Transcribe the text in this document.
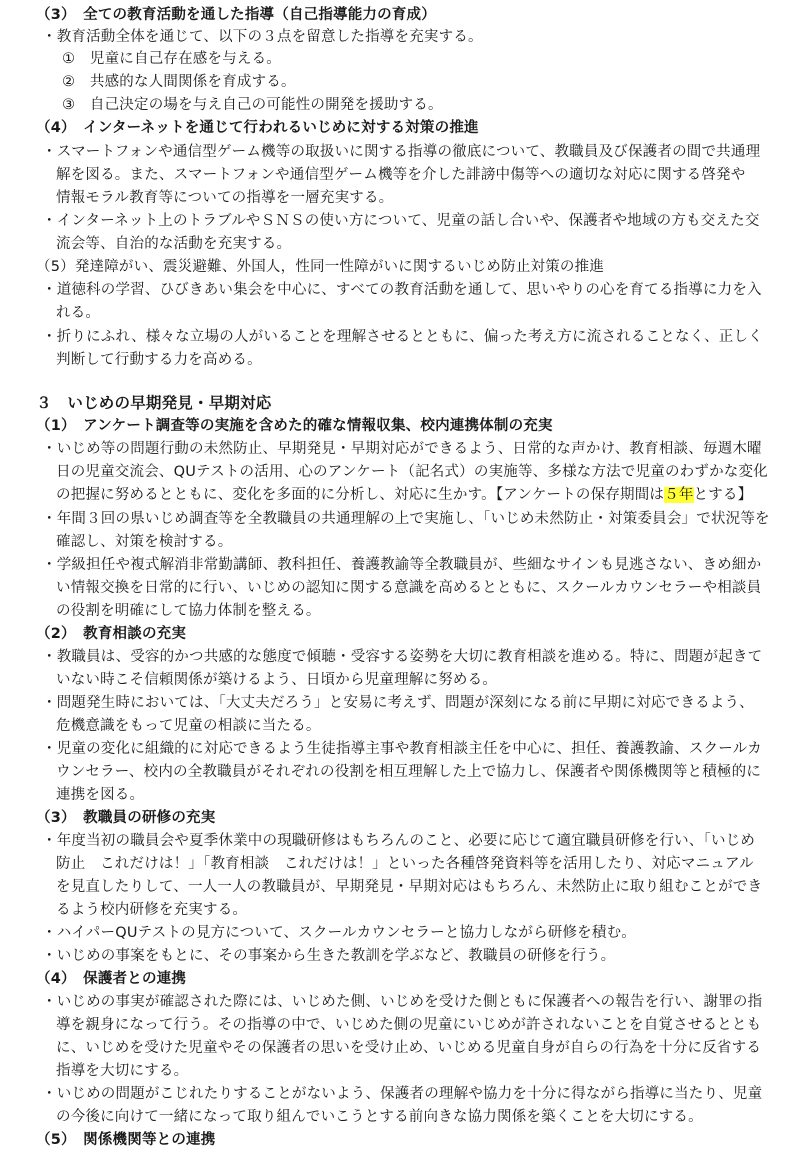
（3）　全ての教育活動を通した指導（自己指導能力の育成）
・教育活動全体を通じて、以下の３点を留意した指導を充実する。
①　児童に自己存在感を与える。
②　共感的な人間関係を育成する。
③　自己決定の場を与え自己の可能性の開発を援助する。
（4）　インターネットを通じて行われるいじめに対する対策の推進
・スマートフォンや通信型ゲーム機等の取扱いに関する指導の徹底について、教職員及び保護者の間で共通理
解を図る。また、スマートフォンや通信型ゲーム機等を介した誹謗中傷等への適切な対応に関する啓発や
情報モラル教育等についての指導を一層充実する。
・インターネット上のトラブルやＳＮＳの使い方について、児童の話し合いや、保護者や地域の方も交えた交
流会等、自治的な活動を充実する。
（5）発達障がい、震災避難、外国人，性同一性障がいに関するいじめ防止対策の推進
・道徳科の学習、ひびきあい集会を中心に、すべての教育活動を通して、思いやりの心を育てる指導に力を入
れる。
・折りにふれ、様々な立場の人がいることを理解させるとともに、偏った考え方に流されることなく、正しく
判断して行動する力を高める。
３　いじめの早期発見・早期対応
（1）　アンケート調査等の実施を含めた的確な情報収集、校内連携体制の充実
・いじめ等の問題行動の未然防止、早期発見・早期対応ができるよう、日常的な声かけ、教育相談、毎週木曜
日の児童交流会、QUテストの活用、心のアンケート（記名式）の実施等、多様な方法で児童のわずかな変化
の把握に努めるとともに、変化を多面的に分析し、対応に生かす。【アンケートの保存期間は５年とする】
・年間３回の県いじめ調査等を全教職員の共通理解の上で実施し、「いじめ未然防止・対策委員会」で状況等を
確認し、対策を検討する。
・学級担任や複式解消非常勤講師、教科担任、養護教諭等全教職員が、些細なサインも見逃さない、きめ細か
い情報交換を日常的に行い、いじめの認知に関する意識を高めるとともに、スクールカウンセラーや相談員
の役割を明確にして協力体制を整える。
（2）　教育相談の充実
・教職員は、受容的かつ共感的な態度で傾聴・受容する姿勢を大切に教育相談を進める。特に、問題が起きて
いない時こそ信頼関係が築けるよう、日頃から児童理解に努める。
・問題発生時においては、「大丈夫だろう」と安易に考えず、問題が深刻になる前に早期に対応できるよう、
危機意識をもって児童の相談に当たる。
・児童の変化に組織的に対応できるよう生徒指導主事や教育相談主任を中心に、担任、養護教諭、スクールカ
ウンセラー、校内の全教職員がそれぞれの役割を相互理解した上で協力し、保護者や関係機関等と積極的に
連携を図る。
（3）　教職員の研修の充実
・年度当初の職員会や夏季休業中の現職研修はもちろんのこと、必要に応じて適宜職員研修を行い、「いじめ
防止　これだけは！」「教育相談　これだけは！」といった各種啓発資料等を活用したり、対応マニュアル
を見直したりして、一人一人の教職員が、早期発見・早期対応はもちろん、未然防止に取り組むことができ
るよう校内研修を充実する。
・ハイパーQUテストの見方について、スクールカウンセラーと協力しながら研修を積む。
・いじめの事案をもとに、その事案から生きた教訓を学ぶなど、教職員の研修を行う。
（4）　保護者との連携
・いじめの事実が確認された際には、いじめた側、いじめを受けた側ともに保護者への報告を行い、謝罪の指
導を親身になって行う。その指導の中で、いじめた側の児童にいじめが許されないことを自覚させるととも
に、いじめを受けた児童やその保護者の思いを受け止め、いじめる児童自身が自らの行為を十分に反省する
指導を大切にする。
・いじめの問題がこじれたりすることがないよう、保護者の理解や協力を十分に得ながら指導に当たり、児童
の今後に向けて一緒になって取り組んでいこうとする前向きな協力関係を築くことを大切にする。
（5）　関係機関等との連携
